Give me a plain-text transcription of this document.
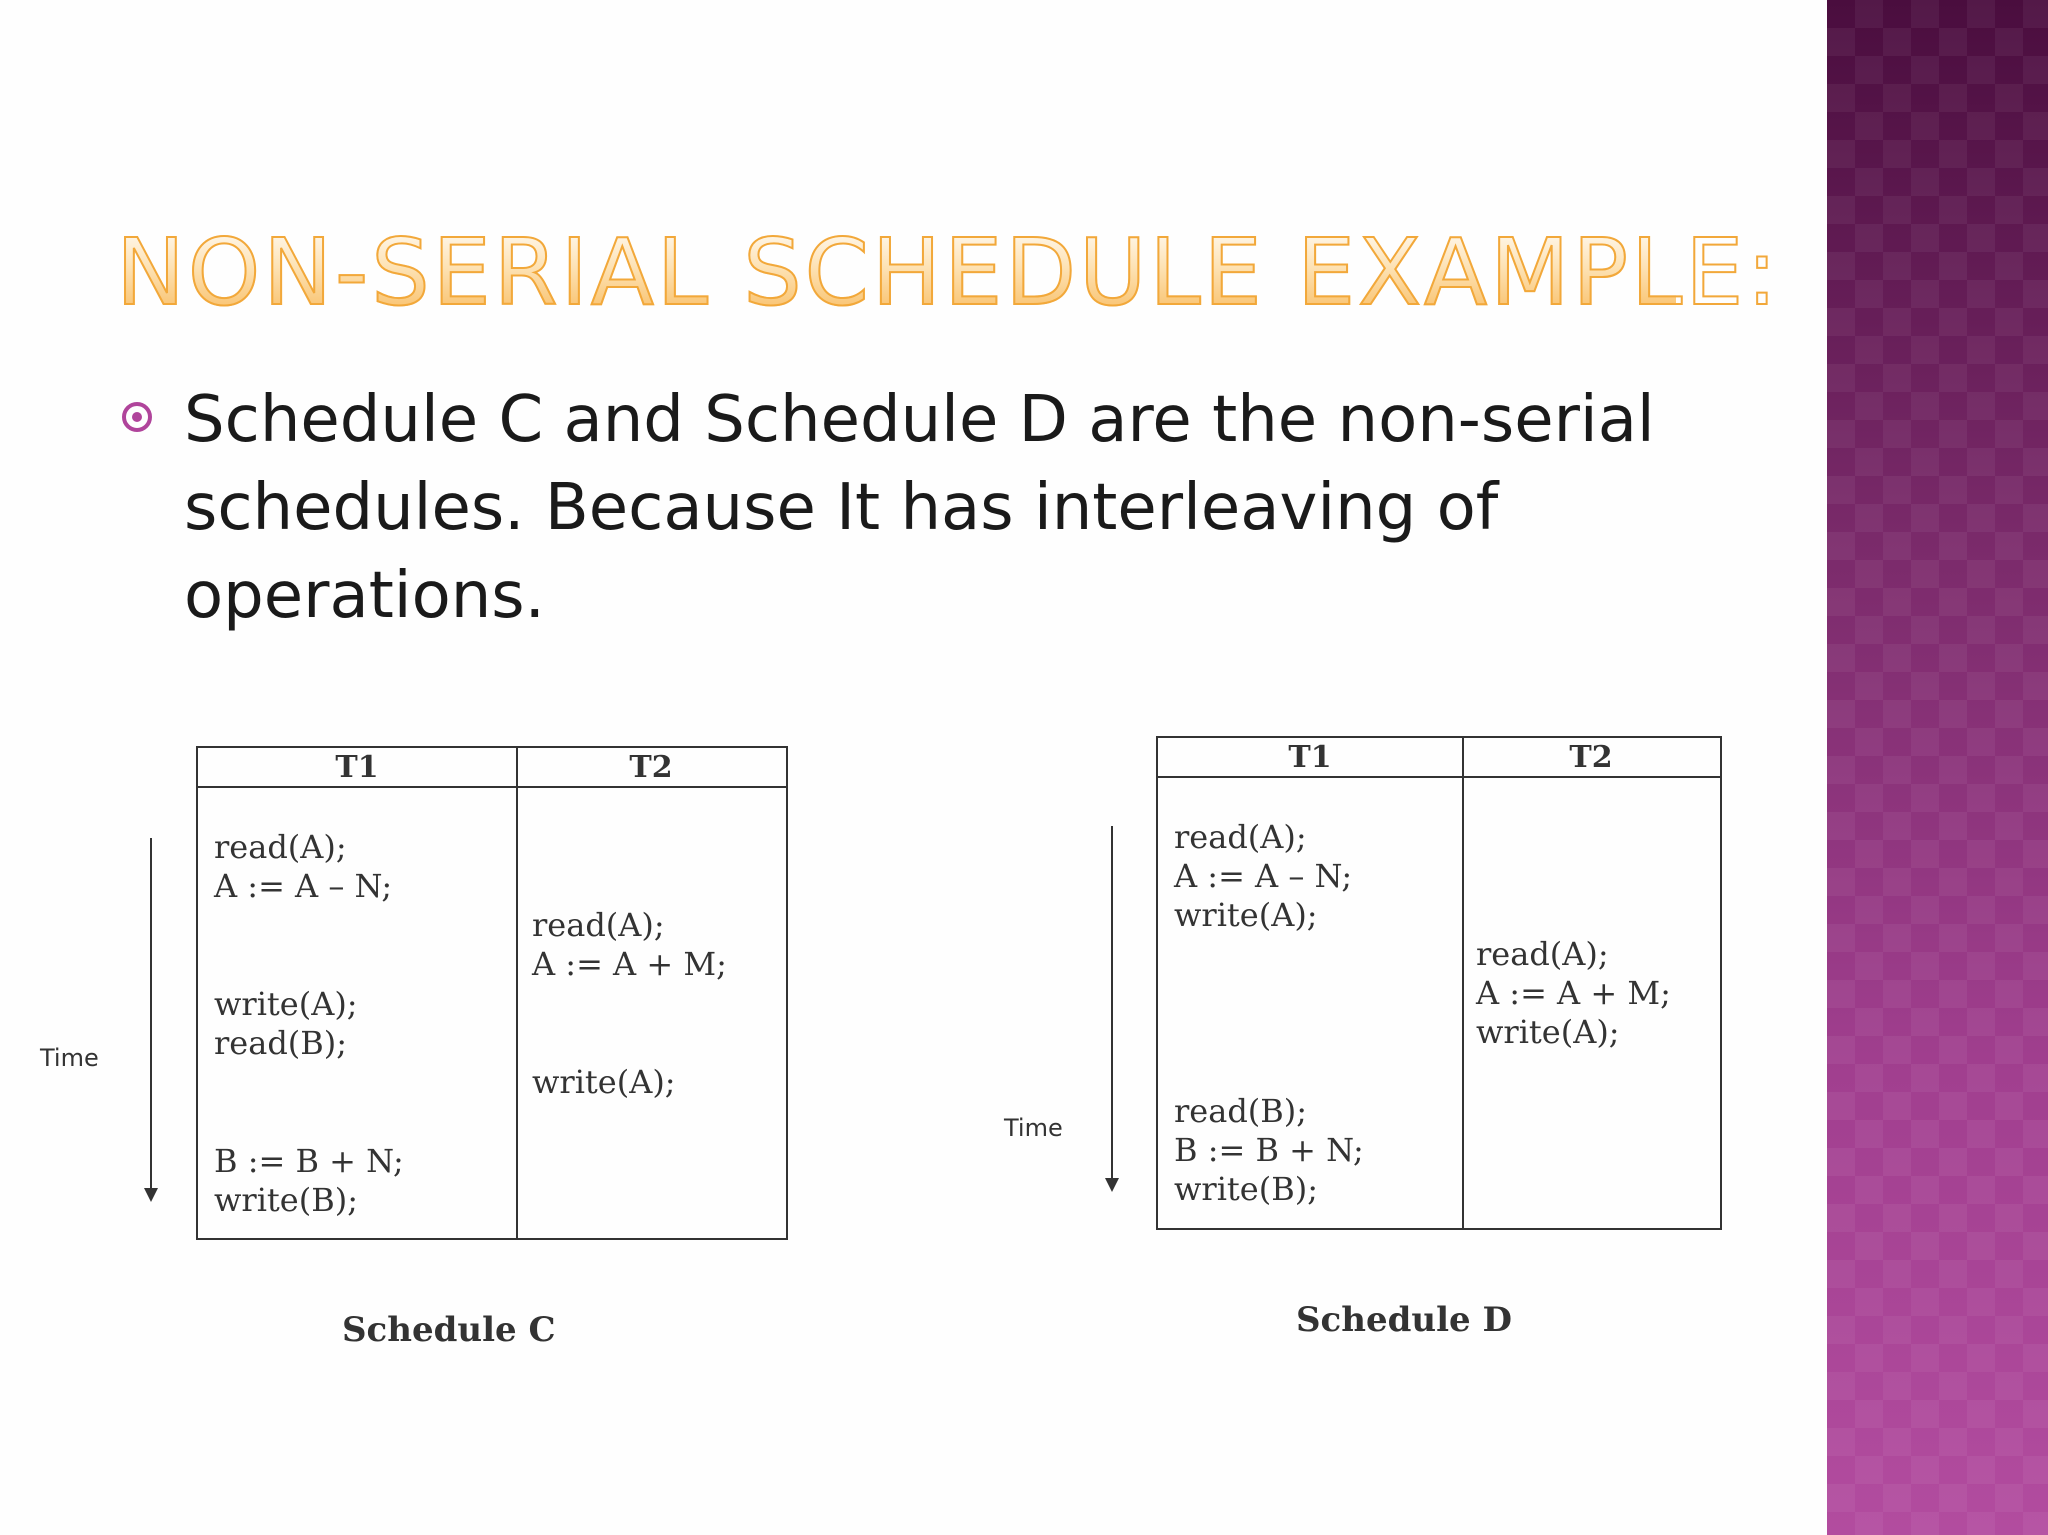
NON-SERIAL SCHEDULE EXAMPLE:
Schedule C and Schedule D are the non-serial schedules. Because It has interleaving of operations.
Time
T1	T2
read(A);
A := A – N;
write(A);
read(B);
B := B + N;
write(B);
read(A);
A := A + M;
write(A);
Schedule C
Time
T1	T2
read(A);
A := A – N;
write(A);
read(B);
B := B + N;
write(B);
read(A);
A := A + M;
write(A);
Schedule D
